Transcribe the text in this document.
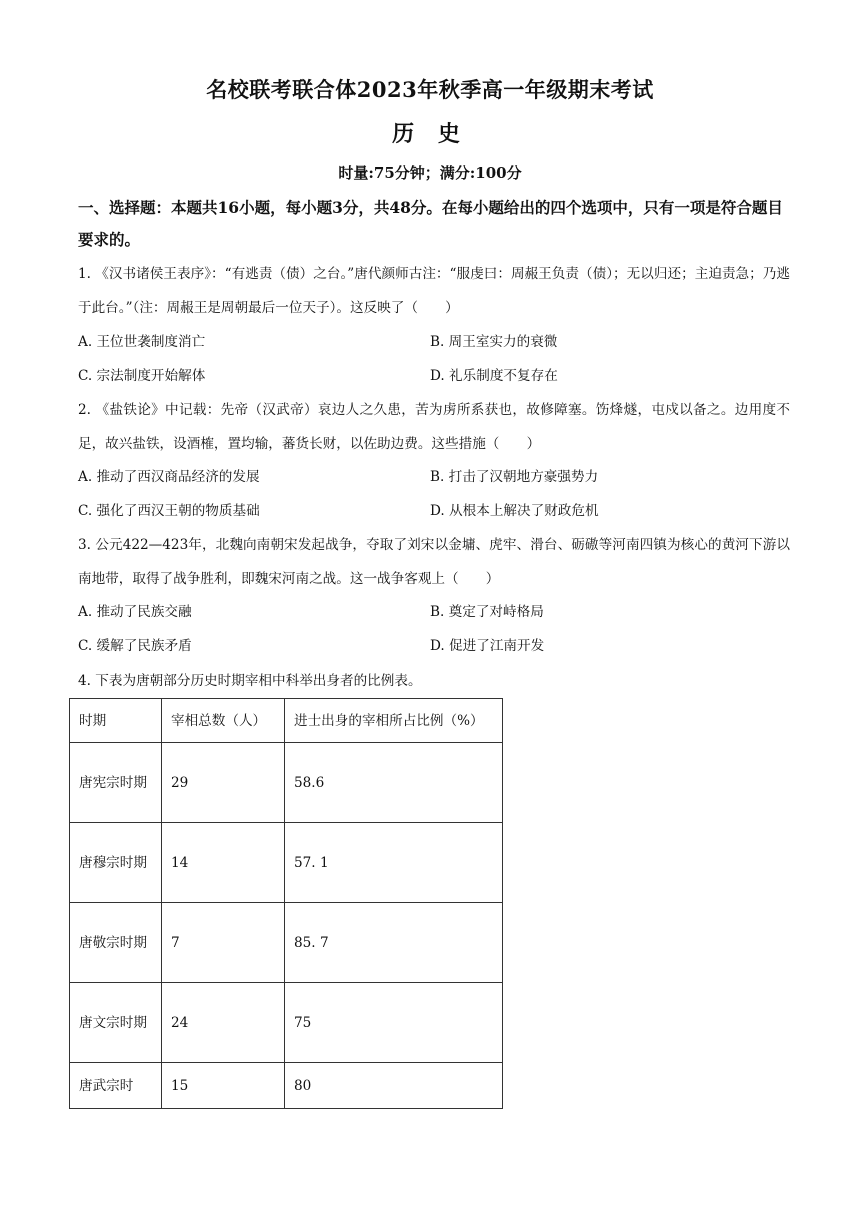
名校联考联合体2023年秋季高一年级期末考试
历 史
时量:75分钟；满分:100分
一、选择题：本题共16小题，每小题3分，共48分。在每小题给出的四个选项中，只有一项是符合题目要求的。
1. 《汉书诸侯王表序》：“有逃责（债）之台。”唐代颜师古注：“服虔曰：周赧王负责（债）；无以归还；主迫责急；乃逃于此台。”（注：周赧王是周朝最后一位天子）。这反映了（　　）
A. 王位世袭制度消亡	B. 周王室实力的衰微
C. 宗法制度开始解体	D. 礼乐制度不复存在
2. 《盐铁论》中记载：先帝（汉武帝）哀边人之久患，苦为虏所系获也，故修障塞。饬烽燧，屯戍以备之。边用度不足，故兴盐铁，设酒榷，置均输，蕃货长财，以佐助边费。这些措施（　　）
A. 推动了西汉商品经济的发展	B. 打击了汉朝地方豪强势力
C. 强化了西汉王朝的物质基础	D. 从根本上解决了财政危机
3. 公元422—423年，北魏向南朝宋发起战争，夺取了刘宋以金墉、虎牢、滑台、砺磝等河南四镇为核心的黄河下游以南地带，取得了战争胜利，即魏宋河南之战。这一战争客观上（　　）
A. 推动了民族交融	B. 奠定了对峙格局
C. 缓解了民族矛盾	D. 促进了江南开发
4. 下表为唐朝部分历史时期宰相中科举出身者的比例表。
时期	宰相总数（人）	进士出身的宰相所占比例（%）
唐宪宗时期	29	58.6
唐穆宗时期	14	57. 1
唐敬宗时期	7	85. 7
唐文宗时期	24	75
唐武宗时	15	80
